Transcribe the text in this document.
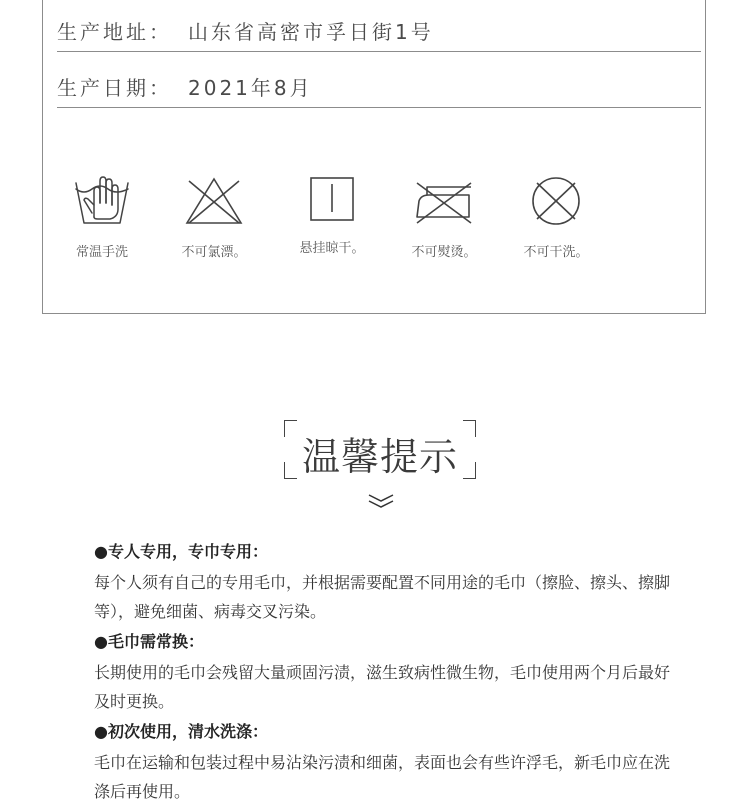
生产地址： 山东省高密市孚日街1号
生产日期： 2021年8月
常温手洗	不可氯漂。	悬挂晾干。	不可熨烫。	不可干洗。
温馨提示
●专人专用，专巾专用：
每个人须有自己的专用毛巾，并根据需要配置不同用途的毛巾（擦脸、擦头、擦脚等），避免细菌、病毒交叉污染。
●毛巾需常换：
长期使用的毛巾会残留大量顽固污渍，滋生致病性微生物，毛巾使用两个月后最好及时更换。
●初次使用，清水洗涤：
毛巾在运输和包装过程中易沾染污渍和细菌，表面也会有些许浮毛，新毛巾应在洗涤后再使用。
